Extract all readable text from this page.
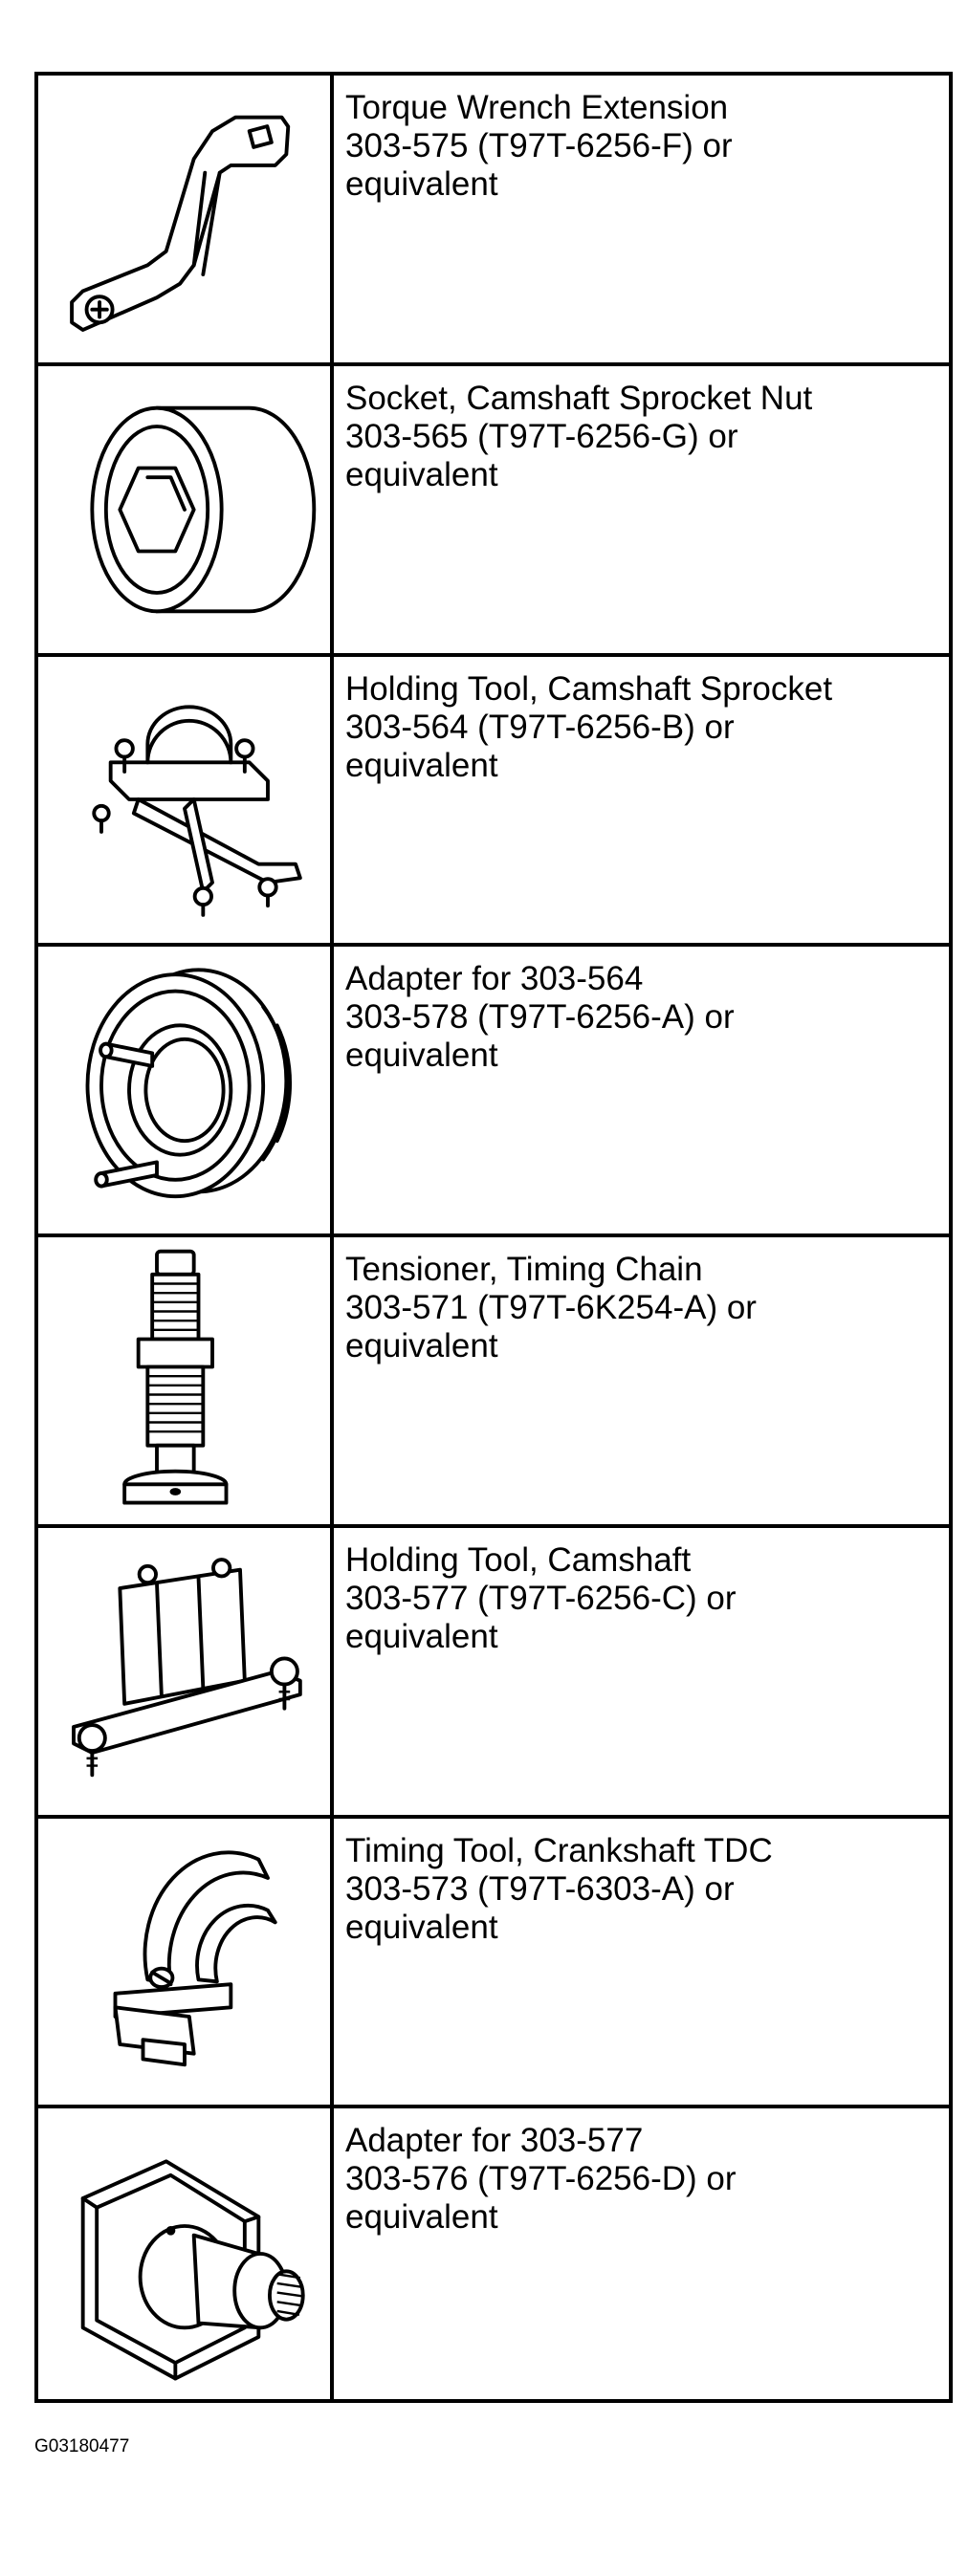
Torque Wrench Extension
303-575 (T97T-6256-F) or
equivalent
Socket, Camshaft Sprocket Nut
303-565 (T97T-6256-G) or
equivalent
Holding Tool, Camshaft Sprocket
303-564 (T97T-6256-B) or
equivalent
Adapter for 303-564
303-578 (T97T-6256-A) or
equivalent
Tensioner, Timing Chain
303-571 (T97T-6K254-A) or
equivalent
Holding Tool, Camshaft
303-577 (T97T-6256-C) or
equivalent
Timing Tool, Crankshaft TDC
303-573 (T97T-6303-A) or
equivalent
Adapter for 303-577
303-576 (T97T-6256-D) or
equivalent
G03180477
